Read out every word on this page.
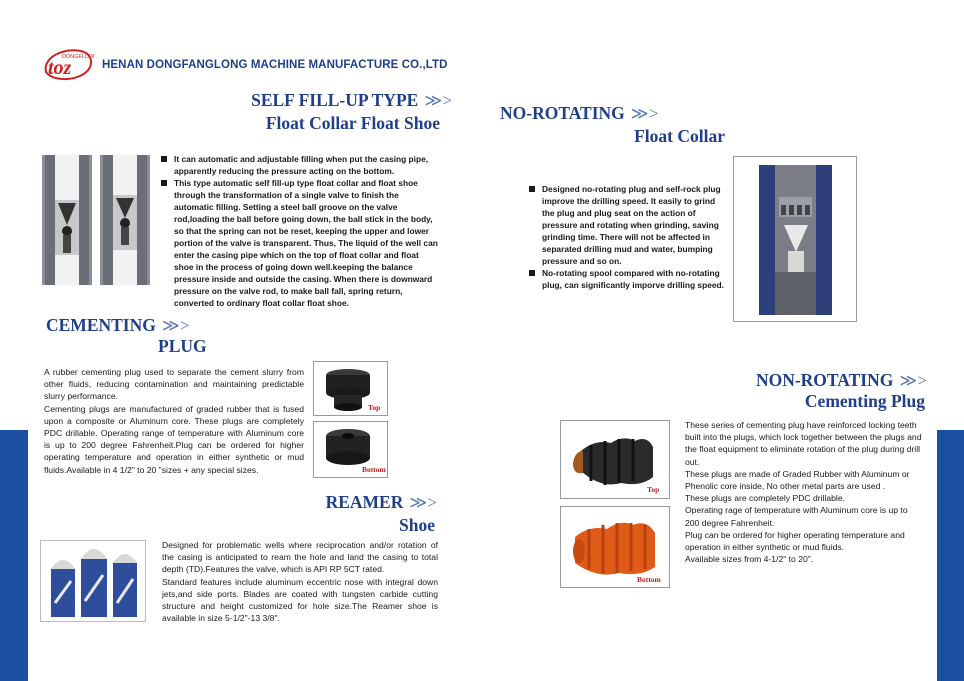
toz
DONGFLOW
HENAN DONGFANGLONG MACHINE MANUFACTURE CO.,LTD
SELF FILL-UP TYPE ≫ >
Float Collar Float Shoe
It can automatic and adjustable filling when put the casing pipe, apparently reducing the pressure acting on the bottom.
This type automatic self fill-up type float collar and float shoe through the transformation of a single valve to finish the automatic filling. Setting a steel ball groove on the valve rod,loading the ball before going down, the ball stick in the body, so that the spring can not be reset, keeping the upper and lower portion of the valve is transparent. Thus, The liquid of the well can enter the casing pipe which on the top of float collar and float shoe in the process of going down well.keeping the balance pressure inside and outside the casing. When there is downward pressure on the valve rod, to make ball fall, spring return, converted to ordinary float collar float shoe.
NO-ROTATING ≫ >
Float Collar
Designed no-rotating plug and self-rock plug improve the drilling speed. It easily to grind the plug and plug seat on the action of pressure and rotating when grinding, saving grinding time. There will not be affected in separated drilling mud and water, bumping pressure and so on.
No-rotating spool compared with no-rotating plug, can significantly imporve drilling speed.
CEMENTING ≫ >
PLUG
A rubber cementing plug used to separate the cement slurry from other fluids, reducing contamination and maintaining predictable slurry performance.
Cementing plugs are manufactured of graded rubber that is fused upon a composite or Aluminum core. These plugs are completely PDC drillable. Operating range of temperature with Aluminum core is up to 200 degree Fahrenheit.Plug can be ordered for higher operating temperature and operation in either synthetic or mud fluids.Available in 4 1/2" to 20 "sizes + any special sizes.
Top
Bottom
REAMER ≫ >
Shoe
Designed for problematic wells where reciprocation and/or rotation of the casing is anticipated to ream the hole and land the casing to total depth (TD).Features the valve, which is API RP 5CT rated.
Standard features include aluminum eccentric nose with integral down jets,and side ports. Blades are coated with tungsten carbide cutting structure and height customized for hole size.The Reamer shoe is available in size 5-1/2"-13 3/8".
NON-ROTATING ≫ >
Cementing Plug
Top
Bottom
These series of cementing plug have reinforced locking teeth built into the plugs, which lock together between the plugs and the float equipment to eliminate rotation of the plug during drill out.
These plugs are made of Graded Rubber with Aluminum or Phenolic core inside, No other metal parts are used .
These plugs are completely PDC drillable.
Operating rage of temperature with Aluminum core is up to 200 degree Fahrenheit.
Plug can be ordered for higher operating temperature and operation in either synthetic or mud fluids.
Available sizes from 4-1/2" to 20".
